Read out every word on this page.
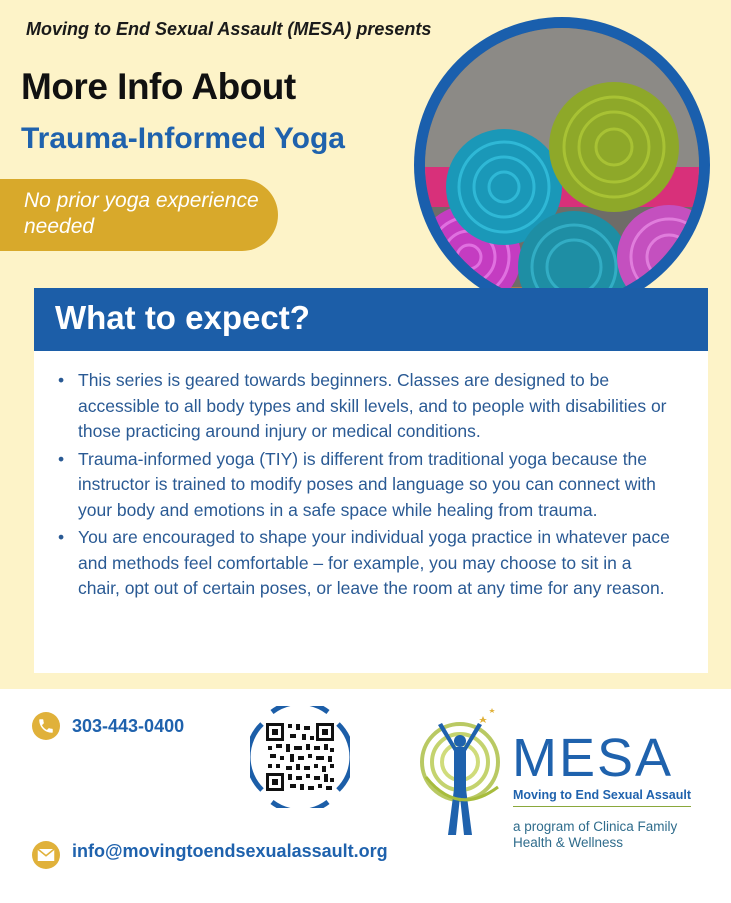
Moving to End Sexual Assault (MESA) presents
More Info About
Trauma-Informed Yoga
No prior yoga experience needed
What to expect?
• This series is geared towards beginners. Classes are designed to be accessible to all body types and skill levels, and to people with disabilities or those practicing around injury or medical conditions.
• Trauma-informed yoga (TIY) is different from traditional yoga because the instructor is trained to modify poses and language so you can connect with your body and emotions in a safe space while healing from trauma.
• You are encouraged to shape your individual yoga practice in whatever pace and methods feel comfortable – for example, you may choose to sit in a chair, opt out of certain poses, or leave the room at any time for any reason.
303-443-0400
info@movingtoendsexualassault.org
MESA
Moving to End Sexual Assault
a program of Clinica Family Health & Wellness
